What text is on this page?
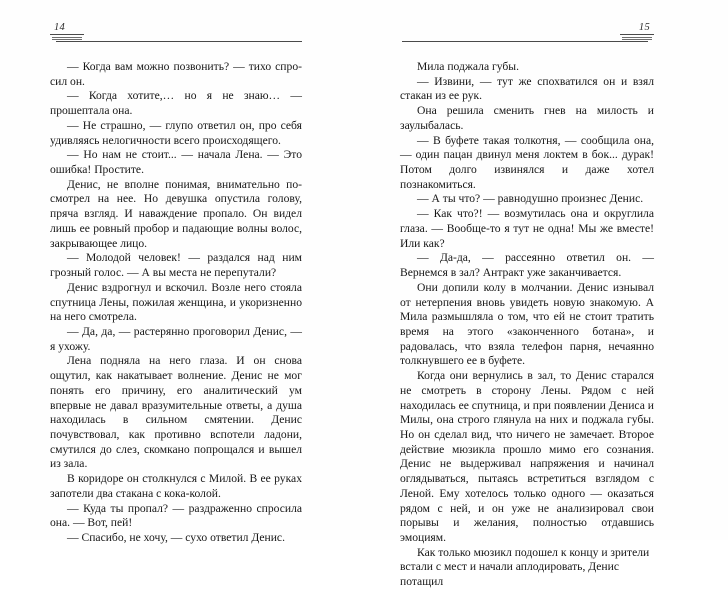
14

— Когда вам можно позвонить? — тихо спросил он.

— Когда хотите,… но я не знаю… — прошептала она.

— Не страшно, — глупо ответил он, про себя удивляясь нелогичности всего происходящего.

— Но нам не стоит... — начала Лена. — Это ошибка! Простите.

Денис, не вполне понимая, внимательно посмотрел на нее. Но девушка опустила голову, пряча взгляд. И наваждение пропало. Он видел лишь ее ровный пробор и падающие волны волос, закрывающее лицо.

— Молодой человек! — раздался над ним грозный голос. — А вы места не перепутали?

Денис вздрогнул и вскочил. Возле него стояла спутница Лены, пожилая женщина, и укоризненно на него смотрела.

— Да, да, — растерянно проговорил Денис, — я ухожу.

Лена подняла на него глаза. И он снова ощутил, как накатывает волнение. Денис не мог понять его причину, его аналитический ум впервые не давал вразумительные ответы, а душа находилась в сильном смятении. Денис почувствовал, как противно вспотели ладони, смутился до слез, скомкано попрощался и вышел из зала.

В коридоре он столкнулся с Милой. В ее руках запотели два стакана с кока-колой.

— Куда ты пропал? — раздраженно спросила она. — Вот, пей!

— Спасибо, не хочу, — сухо ответил Денис.

15

Мила поджала губы.

— Извини, — тут же спохватился он и взял стакан из ее рук.

Она решила сменить гнев на милость и заулыбалась.

— В буфете такая толкотня, — сообщила она, — один пацан двинул меня локтем в бок... дурак! Потом долго извинялся и даже хотел познакомиться.

— А ты что? — равнодушно произнес Денис.

— Как что?! — возмутилась она и округлила глаза. — Вообще-то я тут не одна! Мы же вместе! Или как?

— Да-да, — рассеянно ответил он. — Вернемся в зал? Антракт уже заканчивается.

Они допили колу в молчании. Денис изнывал от нетерпения вновь увидеть новую знакомую. А Мила размышляла о том, что ей не стоит тратить время на этого «законченного ботана», и радовалась, что взяла телефон парня, нечаянно толкнувшего ее в буфете.

Когда они вернулись в зал, то Денис старался не смотреть в сторону Лены. Рядом с ней находилась ее спутница, и при появлении Дениса и Милы, она строго глянула на них и поджала губы. Но он сделал вид, что ничего не замечает. Второе действие мюзикла прошло мимо его сознания. Денис не выдерживал напряжения и начинал оглядываться, пытаясь встретиться взглядом с Леной. Ему хотелось только одного — оказаться рядом с ней, и он уже не анализировал свои порывы и желания, полностью отдавшись эмоциям.

Как только мюзикл подошел к концу и зрители встали с мест и начали аплодировать, Денис потащил
